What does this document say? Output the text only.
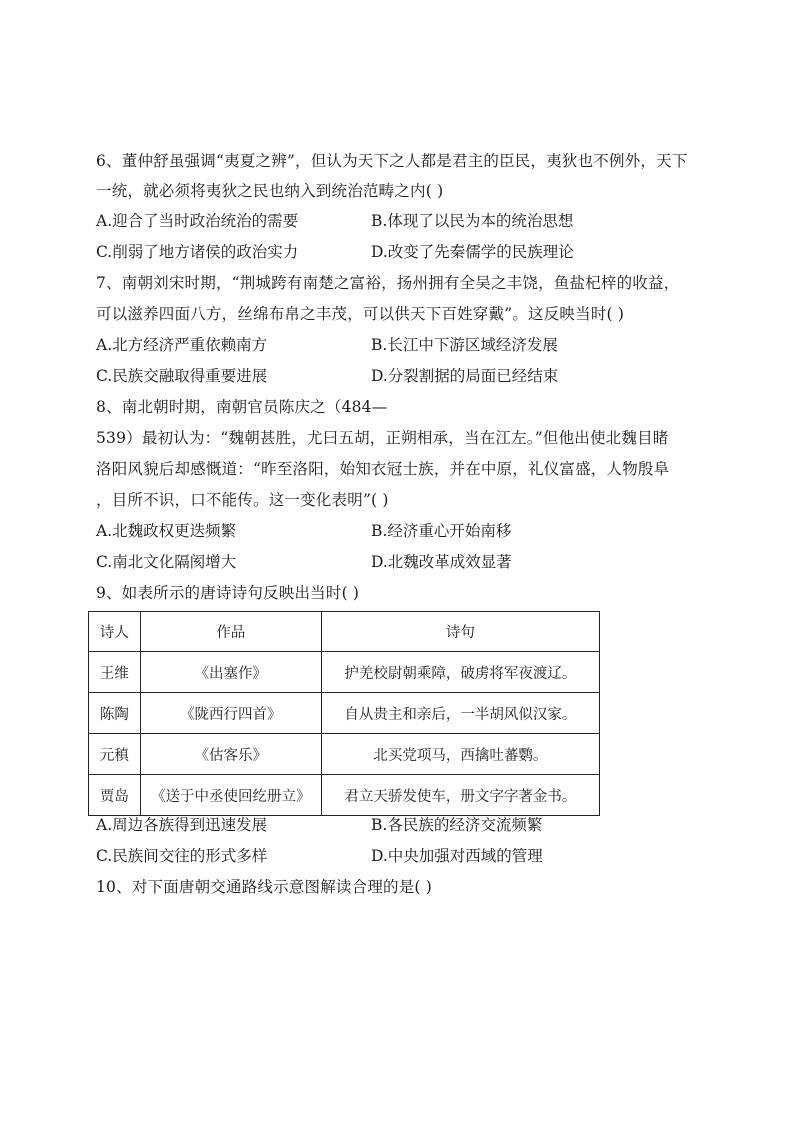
6、董仲舒虽强调“夷夏之辨”，但认为天下之人都是君主的臣民，夷狄也不例外，天下
一统，就必须将夷狄之民也纳入到统治范畴之内( )
A.迎合了当时政治统治的需要	B.体现了以民为本的统治思想
C.削弱了地方诸侯的政治实力	D.改变了先秦儒学的民族理论
7、南朝刘宋时期，“荆城跨有南楚之富裕，扬州拥有全吴之丰饶，鱼盐杞梓的收益，
可以滋养四面八方，丝绵布帛之丰茂，可以供天下百姓穿戴”。这反映当时( )
A.北方经济严重依赖南方	B.长江中下游区域经济发展
C.民族交融取得重要进展	D.分裂割据的局面已经结束
8、南北朝时期，南朝官员陈庆之（484—
539）最初认为：“魏朝甚胜，尤曰五胡，正朔相承，当在江左。”但他出使北魏目睹
洛阳风貌后却感慨道：“昨至洛阳，始知衣冠士族，并在中原，礼仪富盛，人物殷阜
，目所不识，口不能传。这一变化表明”( )
A.北魏政权更迭频繁	B.经济重心开始南移
C.南北文化隔阂增大	D.北魏改革成效显著
9、如表所示的唐诗诗句反映出当时( )
诗人	作品	诗句
王维	《出塞作》	护羌校尉朝乘障，破虏将军夜渡辽。
陈陶	《陇西行四首》	自从贵主和亲后，一半胡风似汉家。
元稹	《估客乐》	北买党项马，西擒吐蕃鹦。
贾岛	《送于中丞使回纥册立》	君立天骄发使车，册文字字著金书。
A.周边各族得到迅速发展	B.各民族的经济交流频繁
C.民族间交往的形式多样	D.中央加强对西域的管理
10、对下面唐朝交通路线示意图解读合理的是( )
